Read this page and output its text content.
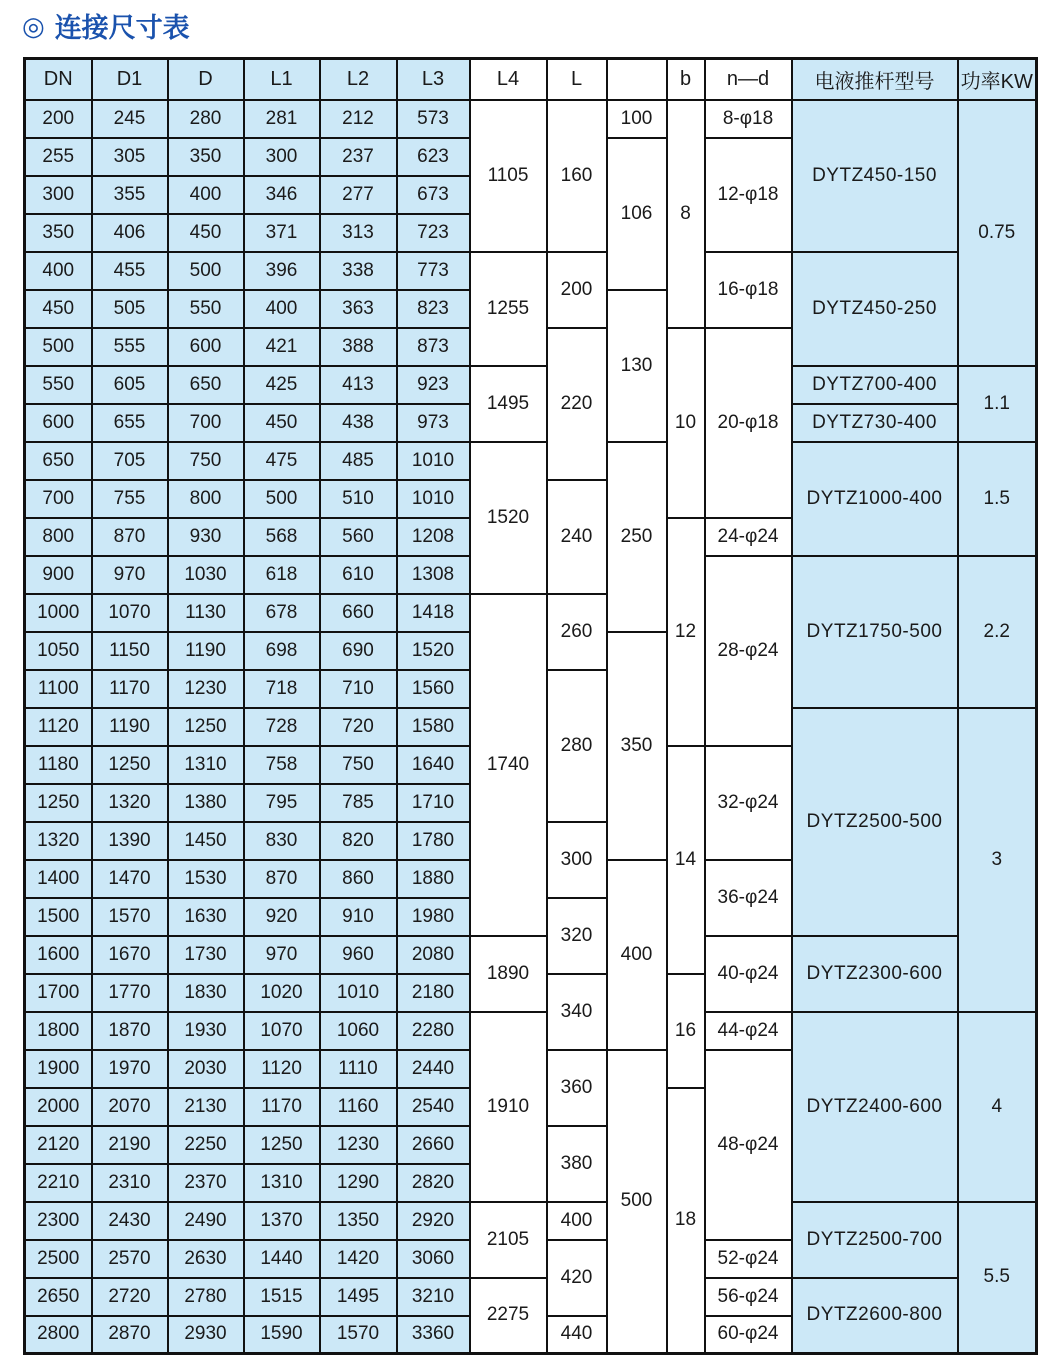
◎ 连接尺寸表
DN	D1	D	L1	L2	L3	L4	L		b	n—d	电液推杆型号	功率KW
200	245	280	281	212	573	1105	160	100	8	8-φ18	DYTZ450-150	0.75
255	305	350	300	237	623			106		12-φ18		
300	355	400	346	277	673							
350	406	450	371	313	723							
400	455	500	396	338	773	1255	200			16-φ18	DYTZ450-250	
450	505	550	400	363	823			130				
500	555	600	421	388	873		220		10	20-φ18		
550	605	650	425	413	923	1495					DYTZ700-400	1.1
600	655	700	450	438	973						DYTZ730-400	
650	705	750	475	485	1010	1520		250			DYTZ1000-400	1.5
700	755	800	500	510	1010		240					
800	870	930	568	560	1208				12	24-φ24		
900	970	1030	618	610	1308					28-φ24	DYTZ1750-500	2.2
1000	1070	1130	678	660	1418	1740	260					
1050	1150	1190	698	690	1520			350				
1100	1170	1230	718	710	1560		280					
1120	1190	1250	728	720	1580						DYTZ2500-500	3
1180	1250	1310	758	750	1640				14	32-φ24		
1250	1320	1380	795	785	1710							
1320	1390	1450	830	820	1780		300					
1400	1470	1530	870	860	1880			400		36-φ24		
1500	1570	1630	920	910	1980		320					
1600	1670	1730	970	960	2080	1890				40-φ24	DYTZ2300-600	
1700	1770	1830	1020	1010	2180		340		16			
1800	1870	1930	1070	1060	2280	1910				44-φ24	DYTZ2400-600	4
1900	1970	2030	1120	1110	2440		360	500		48-φ24		
2000	2070	2130	1170	1160	2540				18			
2120	2190	2250	1250	1230	2660		380					
2210	2310	2370	1310	1290	2820							
2300	2430	2490	1370	1350	2920	2105	400				DYTZ2500-700	5.5
2500	2570	2630	1440	1420	3060		420			52-φ24		
2650	2720	2780	1515	1495	3210	2275				56-φ24	DYTZ2600-800	
2800	2870	2930	1590	1570	3360		440			60-φ24		
